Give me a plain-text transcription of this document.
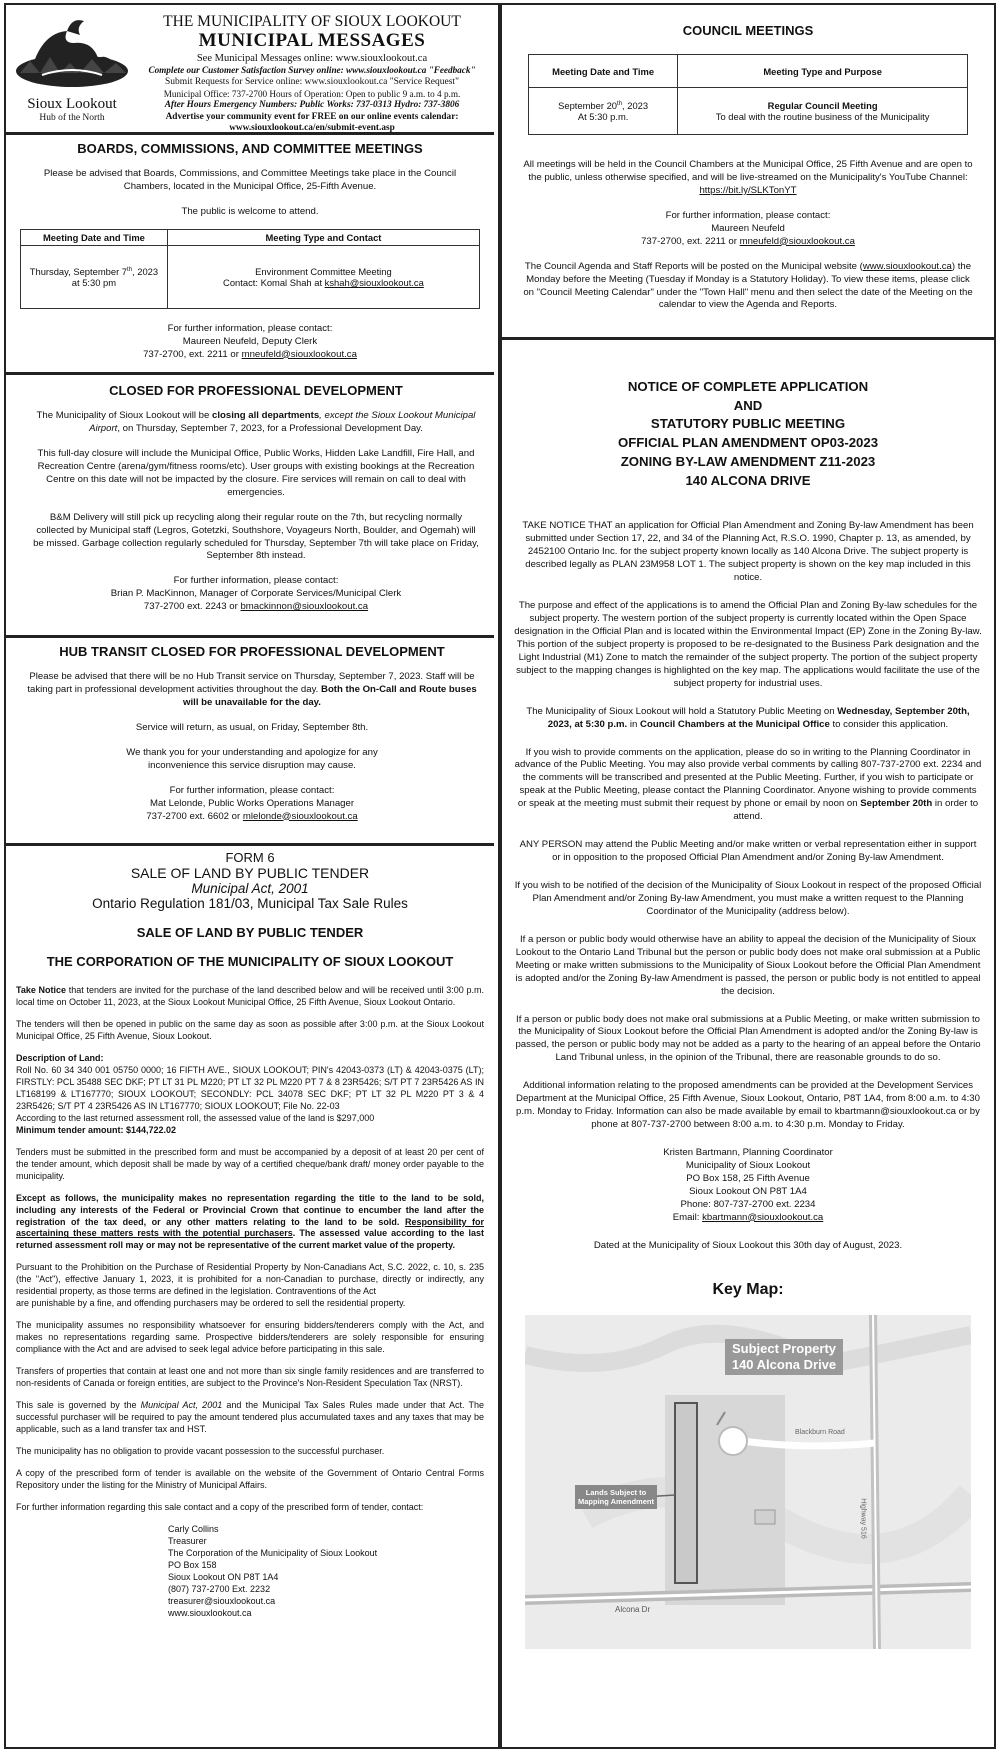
Sioux Lookout
Hub of the North
THE MUNICIPALITY OF SIOUX LOOKOUT
MUNICIPAL MESSAGES
See Municipal Messages online: www.siouxlookout.ca
Complete our Customer Satisfaction Survey online: www.siouxlookout.ca "Feedback"
Submit Requests for Service online: www.siouxlookout.ca "Service Request"
Municipal Office: 737-2700 Hours of Operation: Open to public 9 a.m. to 4 p.m.
After Hours Emergency Numbers: Public Works: 737-0313 Hydro: 737-3806
Advertise your community event for FREE on our online events calendar:
www.siouxlookout.ca/en/submit-event.asp
BOARDS, COMMISSIONS, AND COMMITTEE MEETINGS

Please be advised that Boards, Commissions, and Committee Meetings take place in the Council Chambers, located in the Municipal Office, 25-Fifth Avenue.

The public is welcome to attend.

Meeting Date and Time	Meeting Type and Contact
Thursday, September 7th, 2023
at 5:30 pm	Environment Committee Meeting
Contact: Komal Shah at kshah@siouxlookout.ca
For further information, please contact:
Maureen Neufeld, Deputy Clerk
737-2700, ext. 2211 or mneufeld@siouxlookout.ca
CLOSED FOR PROFESSIONAL DEVELOPMENT

The Municipality of Sioux Lookout will be closing all departments, except the Sioux Lookout Municipal Airport, on Thursday, September 7, 2023, for a Professional Development Day.

This full-day closure will include the Municipal Office, Public Works, Hidden Lake Landfill, Fire Hall, and Recreation Centre (arena/gym/fitness rooms/etc). User groups with existing bookings at the Recreation Centre on this date will not be impacted by the closure. Fire services will remain on call to deal with emergencies.

B&M Delivery will still pick up recycling along their regular route on the 7th, but recycling normally collected by Municipal staff (Legros, Gotetzki, Southshore, Voyageurs North, Boulder, and Ogemah) will be missed. Garbage collection regularly scheduled for Thursday, September 7th will take place on Friday, September 8th instead.

For further information, please contact:
Brian P. MacKinnon, Manager of Corporate Services/Municipal Clerk
737-2700 ext. 2243 or bmackinnon@siouxlookout.ca
HUB TRANSIT CLOSED FOR PROFESSIONAL DEVELOPMENT

Please be advised that there will be no Hub Transit service on Thursday, September 7, 2023. Staff will be taking part in professional development activities throughout the day. Both the On-Call and Route buses will be unavailable for the day.

Service will return, as usual, on Friday, September 8th.

We thank you for your understanding and apologize for any inconvenience this service disruption may cause.

For further information, please contact:
Mat Lelonde, Public Works Operations Manager
737-2700 ext. 6602 or mlelonde@siouxlookout.ca
FORM 6
SALE OF LAND BY PUBLIC TENDER
Municipal Act, 2001
Ontario Regulation 181/03, Municipal Tax Sale Rules
SALE OF LAND BY PUBLIC TENDER
THE CORPORATION OF THE MUNICIPALITY OF SIOUX LOOKOUT

Take Notice that tenders are invited for the purchase of the land described below and will be received until 3:00 p.m. local time on October 11, 2023, at the Sioux Lookout Municipal Office, 25 Fifth Avenue, Sioux Lookout Ontario.

The tenders will then be opened in public on the same day as soon as possible after 3:00 p.m. at the Sioux Lookout Municipal Office, 25 Fifth Avenue, Sioux Lookout.

Description of Land:

Roll No. 60 34 340 001 05750 0000; 16 FIFTH AVE., SIOUX LOOKOUT; PIN's 42043-0373 (LT) & 42043-0375 (LT); FIRSTLY: PCL 35488 SEC DKF; PT LT 31 PL M220; PT LT 32 PL M220 PT 7 & 8 23R5426; S/T PT 7 23R5426 AS IN LT168199 & LT167770; SIOUX LOOKOUT; SECONDLY: PCL 34078 SEC DKF; PT LT 32 PL M220 PT 3 & 4 23R5426; S/T PT 4 23R5426 AS IN LT167770; SIOUX LOOKOUT; File No. 22-03

According to the last returned assessment roll, the assessed value of the land is $297,000

Minimum tender amount: $144,722.02

Tenders must be submitted in the prescribed form and must be accompanied by a deposit of at least 20 per cent of the tender amount, which deposit shall be made by way of a certified cheque/bank draft/ money order payable to the municipality.

Except as follows, the municipality makes no representation regarding the title to the land to be sold, including any interests of the Federal or Provincial Crown that continue to encumber the land after the registration of the tax deed, or any other matters relating to the land to be sold. Responsibility for ascertaining these matters rests with the potential purchasers. The assessed value according to the last returned assessment roll may or may not be representative of the current market value of the property.

Pursuant to the Prohibition on the Purchase of Residential Property by Non-Canadians Act, S.C. 2022, c. 10, s. 235 (the "Act"), effective January 1, 2023, it is prohibited for a non-Canadian to purchase, directly or indirectly, any residential property, as those terms are defined in the legislation. Contraventions of the Act

are punishable by a fine, and offending purchasers may be ordered to sell the residential property.

The municipality assumes no responsibility whatsoever for ensuring bidders/tenderers comply with the Act, and makes no representations regarding same. Prospective bidders/tenderers are solely responsible for ensuring compliance with the Act and are advised to seek legal advice before participating in this sale.

Transfers of properties that contain at least one and not more than six single family residences and are transferred to non-residents of Canada or foreign entities, are subject to the Province's Non-Resident Speculation Tax (NRST).

This sale is governed by the Municipal Act, 2001 and the Municipal Tax Sales Rules made under that Act. The successful purchaser will be required to pay the amount tendered plus accumulated taxes and any taxes that may be applicable, such as a land transfer tax and HST.

The municipality has no obligation to provide vacant possession to the successful purchaser.

A copy of the prescribed form of tender is available on the website of the Government of Ontario Central Forms Repository under the listing for the Ministry of Municipal Affairs.

For further information regarding this sale contact and a copy of the prescribed form of tender, contact:

Carly Collins
Treasurer
The Corporation of the Municipality of Sioux Lookout
PO Box 158
Sioux Lookout ON P8T 1A4
(807) 737-2700 Ext. 2232
treasurer@siouxlookout.ca
www.siouxlookout.ca
COUNCIL MEETINGS
Meeting Date and Time	Meeting Type and Purpose
September 20th, 2023
At 5:30 p.m.	Regular Council Meeting
To deal with the routine business of the Municipality

All meetings will be held in the Council Chambers at the Municipal Office, 25 Fifth Avenue and are open to the public, unless otherwise specified, and will be live-streamed on the Municipality's YouTube Channel: https://bit.ly/SLKTonYT

For further information, please contact:
Maureen Neufeld
737-2700, ext. 2211 or mneufeld@siouxlookout.ca

The Council Agenda and Staff Reports will be posted on the Municipal website (www.siouxlookout.ca) the Monday before the Meeting (Tuesday if Monday is a Statutory Holiday). To view these items, please click on "Council Meeting Calendar" under the "Town Hall" menu and then select the date of the Meeting on the calendar to view the Agenda and Reports.

NOTICE OF COMPLETE APPLICATION
AND
STATUTORY PUBLIC MEETING
OFFICIAL PLAN AMENDMENT OP03-2023
ZONING BY-LAW AMENDMENT Z11-2023
140 ALCONA DRIVE

TAKE NOTICE THAT an application for Official Plan Amendment and Zoning By-law Amendment has been submitted under Section 17, 22, and 34 of the Planning Act, R.S.O. 1990, Chapter p. 13, as amended, by 2452100 Ontario Inc. for the subject property known locally as 140 Alcona Drive. The subject property is described legally as PLAN 23M958 LOT 1. The subject property is shown on the key map included in this notice.

The purpose and effect of the applications is to amend the Official Plan and Zoning By-law schedules for the subject property. The western portion of the subject property is currently located within the Open Space designation in the Official Plan and is located within the Environmental Impact (EP) Zone in the Zoning By-law. This portion of the subject property is proposed to be re-designated to the Business Park designation and the Light Industrial (M1) Zone to match the remainder of the subject property. The portion of the subject property subject to the mapping changes is highlighted on the key map. The applications would facilitate the use of the subject property for industrial uses.

The Municipality of Sioux Lookout will hold a Statutory Public Meeting on Wednesday, September 20th, 2023, at 5:30 p.m. in Council Chambers at the Municipal Office to consider this application.

If you wish to provide comments on the application, please do so in writing to the Planning Coordinator in advance of the Public Meeting. You may also provide verbal comments by calling 807-737-2700 ext. 2234 and the comments will be transcribed and presented at the Public Meeting. Further, if you wish to participate or speak at the Public Meeting, please contact the Planning Coordinator. Anyone wishing to provide comments or speak at the meeting must submit their request by phone or email by noon on September 20th in order to attend.

ANY PERSON may attend the Public Meeting and/or make written or verbal representation either in support or in opposition to the proposed Official Plan Amendment and/or Zoning By-law Amendment.

If you wish to be notified of the decision of the Municipality of Sioux Lookout in respect of the proposed Official Plan Amendment and/or Zoning By-law Amendment, you must make a written request to the Planning Coordinator of the Municipality (address below).

If a person or public body would otherwise have an ability to appeal the decision of the Municipality of Sioux Lookout to the Ontario Land Tribunal but the person or public body does not make oral submission at a Public Meeting or make written submissions to the Municipality of Sioux Lookout before the Official Plan Amendment is adopted and/or the Zoning By-law Amendment is passed, the person or public body is not entitled to appeal the decision.

If a person or public body does not make oral submissions at a Public Meeting, or make written submission to the Municipality of Sioux Lookout before the Official Plan Amendment is adopted and/or the Zoning By-law is passed, the person or public body may not be added as a party to the hearing of an appeal before the Ontario Land Tribunal unless, in the opinion of the Tribunal, there are reasonable grounds to do so.

Additional information relating to the proposed amendments can be provided at the Development Services Department at the Municipal Office, 25 Fifth Avenue, Sioux Lookout, Ontario, P8T 1A4, from 8:00 a.m. to 4:30 p.m. Monday to Friday. Information can also be made available by email to kbartmann@siouxlookout.ca or by phone at 807-737-2700 between 8:00 a.m. to 4:30 p.m. Monday to Friday.

Kristen Bartmann, Planning Coordinator
Municipality of Sioux Lookout
PO Box 158, 25 Fifth Avenue
Sioux Lookout ON P8T 1A4
Phone: 807-737-2700 ext. 2234
Email: kbartmann@siouxlookout.ca

Dated at the Municipality of Sioux Lookout this 30th day of August, 2023.

Key Map:
Subject Property
140 Alcona Drive
Lands Subject to Mapping Amendment
Blackburn Road
Alcona Dr
Highway 516
